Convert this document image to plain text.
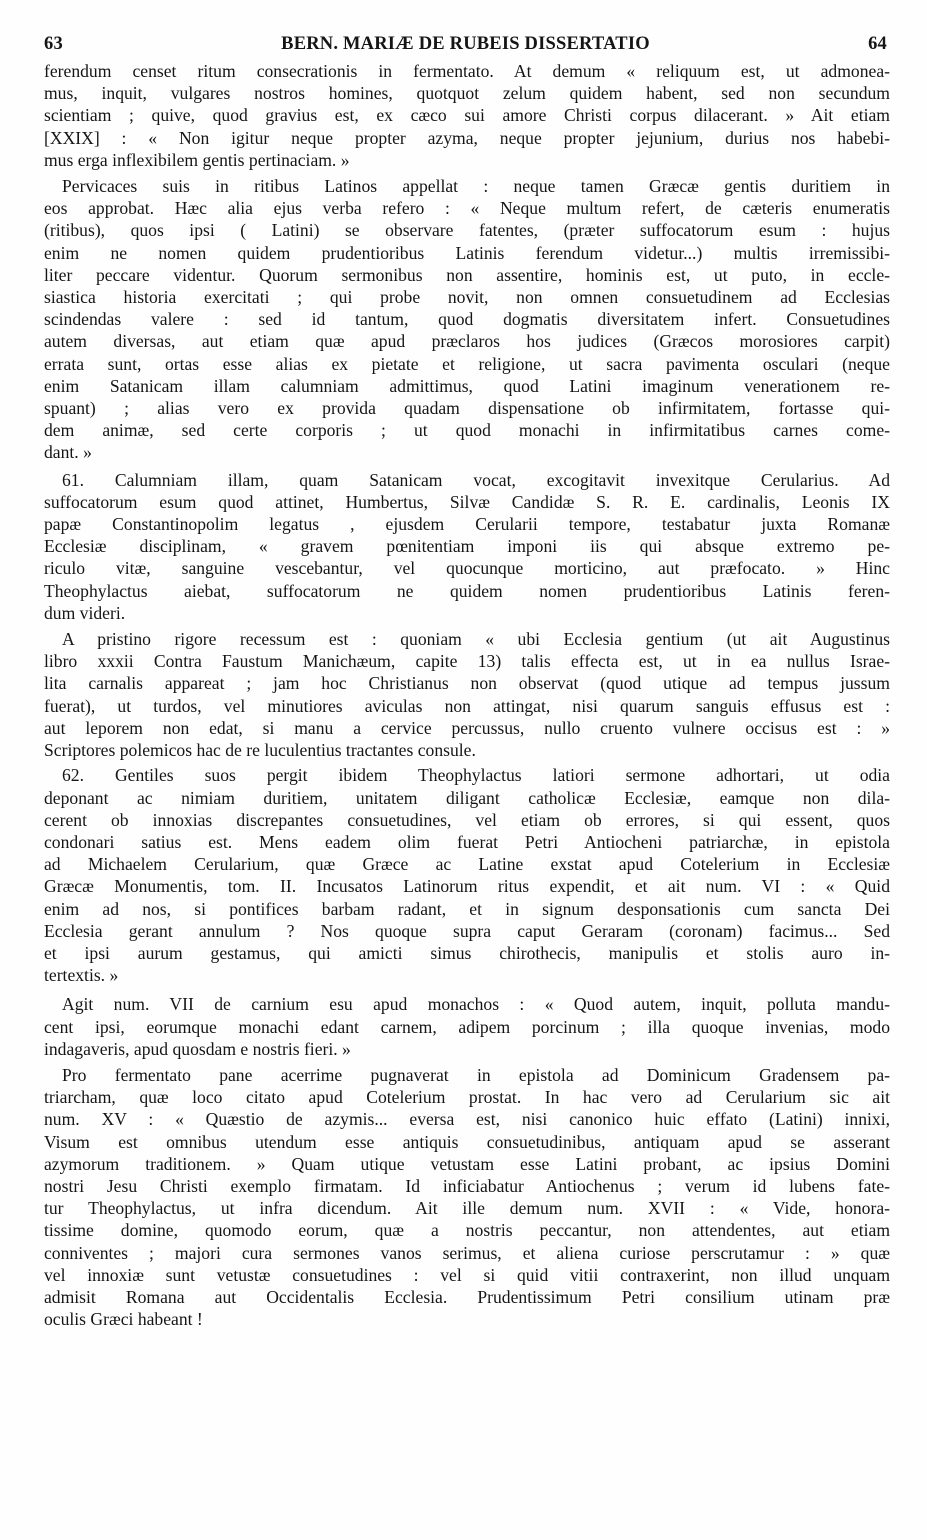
63	BERN. MARIÆ DE RUBEIS DISSERTATIO	64
ferendum censet ritum consecrationis in fermentato. At demum « reliquum est, ut admonea-
mus, inquit, vulgares nostros homines, quotquot zelum quidem habent, sed non secundum
scientiam ; quive, quod gravius est, ex cæco sui amore Christi corpus dilacerant. » Ait etiam
[XXIX] : « Non igitur neque propter azyma, neque propter jejunium, durius nos habebi-
mus erga inflexibilem gentis pertinaciam. »
Pervicaces suis in ritibus Latinos appellat : neque tamen Græcæ gentis duritiem in
eos approbat. Hæc alia ejus verba refero : « Neque multum refert, de cæteris enumeratis
(ritibus), quos ipsi ( Latini) se observare fatentes, (præter suffocatorum esum : hujus
enim ne nomen quidem prudentioribus Latinis ferendum videtur...) multis irremissibi-
liter peccare videntur. Quorum sermonibus non assentire, hominis est, ut puto, in eccle-
siastica historia exercitati ; qui probe novit, non omnen consuetudinem ad Ecclesias
scindendas valere : sed id tantum, quod dogmatis diversitatem infert. Consuetudines
autem diversas, aut etiam quæ apud præclaros hos judices (Græcos morosiores carpit)
errata sunt, ortas esse alias ex pietate et religione, ut sacra pavimenta osculari (neque
enim Satanicam illam calumniam admittimus, quod Latini imaginum venerationem re-
spuant) ; alias vero ex provida quadam dispensatione ob infirmitatem, fortasse qui-
dem animæ, sed certe corporis ; ut quod monachi in infirmitatibus carnes come-
dant. »
61. Calumniam illam, quam Satanicam vocat, excogitavit invexitque Cerularius. Ad
suffocatorum esum quod attinet, Humbertus, Silvæ Candidæ S. R. E. cardinalis, Leonis IX
papæ Constantinopolim legatus , ejusdem Cerularii tempore, testabatur juxta Romanæ
Ecclesiæ disciplinam, « gravem pœnitentiam imponi iis qui absque extremo pe-
riculo vitæ, sanguine vescebantur, vel quocunque morticino, aut præfocato. » Hinc
Theophylactus aiebat, suffocatorum ne quidem nomen prudentioribus Latinis feren-
dum videri.
A pristino rigore recessum est : quoniam « ubi Ecclesia gentium (ut ait Augustinus
libro xxxii Contra Faustum Manichæum, capite 13) talis effecta est, ut in ea nullus Israe-
lita carnalis appareat ; jam hoc Christianus non observat (quod utique ad tempus jussum
fuerat), ut turdos, vel minutiores aviculas non attingat, nisi quarum sanguis effusus est :
aut leporem non edat, si manu a cervice percussus, nullo cruento vulnere occisus est : »
Scriptores polemicos hac de re luculentius tractantes consule.
62. Gentiles suos pergit ibidem Theophylactus latiori sermone adhortari, ut odia
deponant ac nimiam duritiem, unitatem diligant catholicæ Ecclesiæ, eamque non dila-
cerent ob innoxias discrepantes consuetudines, vel etiam ob errores, si qui essent, quos
condonari satius est. Mens eadem olim fuerat Petri Antiocheni patriarchæ, in epistola
ad Michaelem Cerularium, quæ Græce ac Latine exstat apud Cotelerium in Ecclesiæ
Græcæ Monumentis, tom. II. Incusatos Latinorum ritus expendit, et ait num. VI : « Quid
enim ad nos, si pontifices barbam radant, et in signum desponsationis cum sancta Dei
Ecclesia gerant annulum ? Nos quoque supra caput Geraram (coronam) facimus... Sed
et ipsi aurum gestamus, qui amicti simus chirothecis, manipulis et stolis auro in-
tertextis. »
Agit num. VII de carnium esu apud monachos : « Quod autem, inquit, polluta mandu-
cent ipsi, eorumque monachi edant carnem, adipem porcinum ; illa quoque invenias, modo
indagaveris, apud quosdam e nostris fieri. »
Pro fermentato pane acerrime pugnaverat in epistola ad Dominicum Gradensem pa-
triarcham, quæ loco citato apud Cotelerium prostat. In hac vero ad Cerularium sic ait
num. XV : « Quæstio de azymis... eversa est, nisi canonico huic effato (Latini) innixi,
Visum est omnibus utendum esse antiquis consuetudinibus, antiquam apud se asserant
azymorum traditionem. » Quam utique vetustam esse Latini probant, ac ipsius Domini
nostri Jesu Christi exemplo firmatam. Id inficiabatur Antiochenus ; verum id lubens fate-
tur Theophylactus, ut infra dicendum. Ait ille demum num. XVII : « Vide, honora-
tissime domine, quomodo eorum, quæ a nostris peccantur, non attendentes, aut etiam
conniventes ; majori cura sermones vanos serimus, et aliena curiose perscrutamur : » quæ
vel innoxiæ sunt vetustæ consuetudines : vel si quid vitii contraxerint, non illud unquam
admisit Romana aut Occidentalis Ecclesia. Prudentissimum Petri consilium utinam præ
oculis Græci habeant !
